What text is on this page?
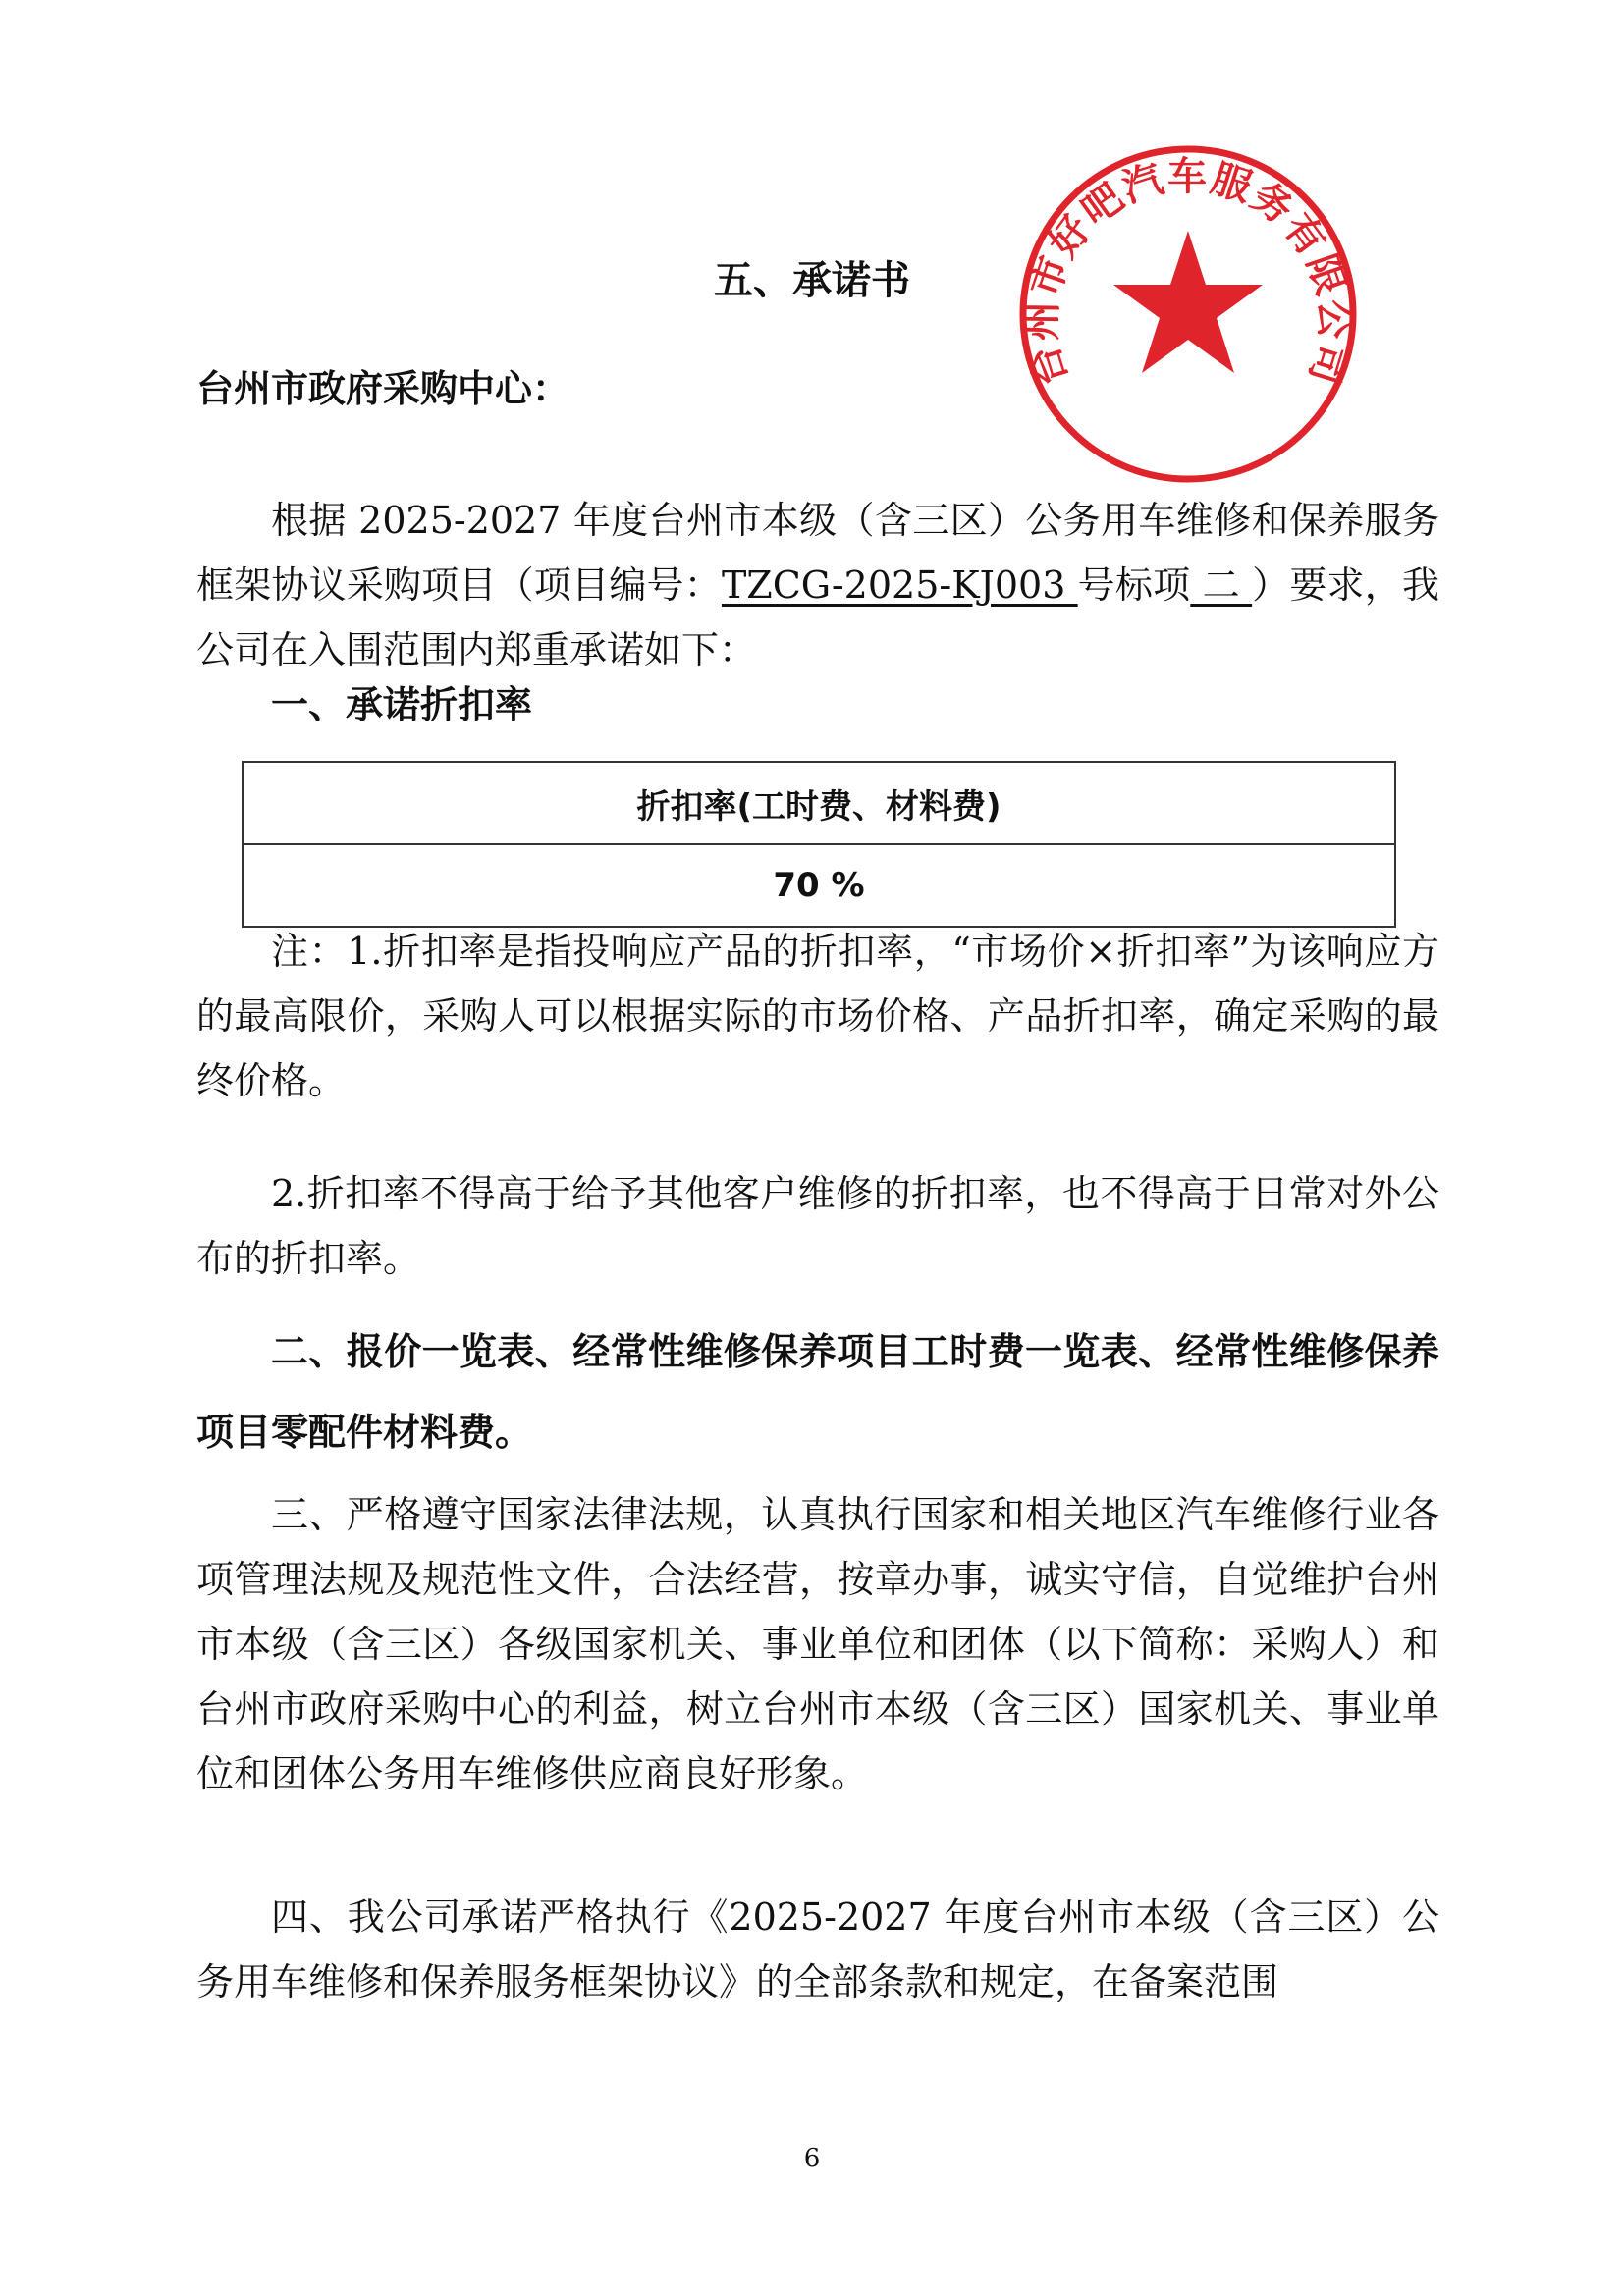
台州市好吧汽车服务有限公司
五、承诺书
台州市政府采购中心：
根据 2025-2027 年度台州市本级（含三区）公务用车维修和保养服务框架协议采购项目（项目编号：TZCG-2025-KJ003 号标项 二 ）要求，我公司在入围范围内郑重承诺如下：
一、承诺折扣率
折扣率(工时费、材料费)
70 %
注：1.折扣率是指投响应产品的折扣率，“市场价×折扣率”为该响应方的最高限价，采购人可以根据实际的市场价格、产品折扣率，确定采购的最终价格。
2.折扣率不得高于给予其他客户维修的折扣率，也不得高于日常对外公布的折扣率。
二、报价一览表、经常性维修保养项目工时费一览表、经常性维修保养项目零配件材料费。
三、严格遵守国家法律法规，认真执行国家和相关地区汽车维修行业各项管理法规及规范性文件，合法经营，按章办事，诚实守信，自觉维护台州市本级（含三区）各级国家机关、事业单位和团体（以下简称：采购人）和台州市政府采购中心的利益，树立台州市本级（含三区）国家机关、事业单位和团体公务用车维修供应商良好形象。
四、我公司承诺严格执行《2025-2027 年度台州市本级（含三区）公务用车维修和保养服务框架协议》的全部条款和规定，在备案范围
6
